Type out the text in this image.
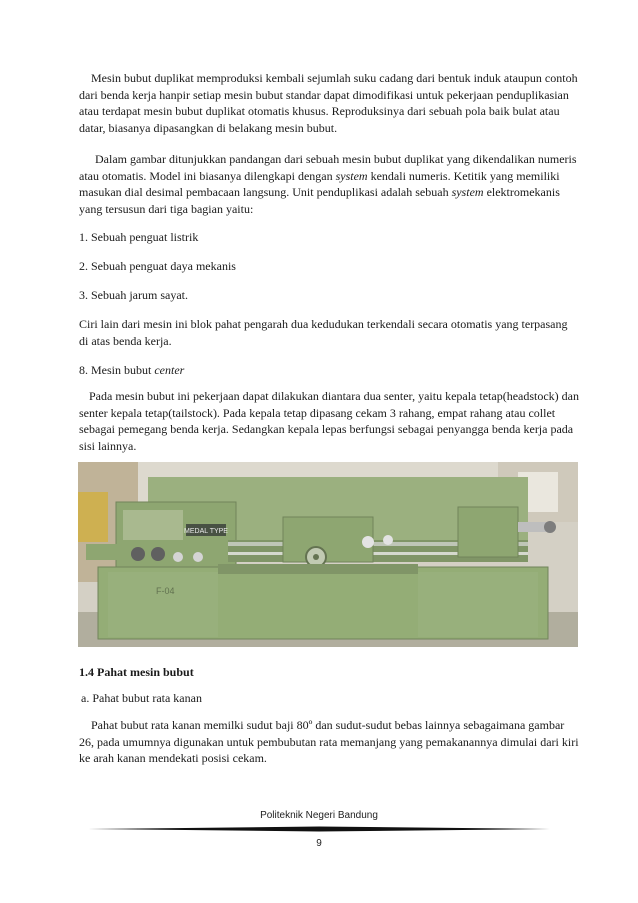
Mesin bubut duplikat memproduksi kembali sejumlah suku cadang dari bentuk induk ataupun contoh dari benda kerja hanpir setiap mesin bubut standar dapat dimodifikasi untuk pekerjaan penduplikasian atau terdapat mesin bubut duplikat otomatis khusus. Reproduksinya dari sebuah pola baik bulat atau datar, biasanya dipasangkan di belakang mesin bubut.

Dalam gambar ditunjukkan pandangan dari sebuah mesin bubut duplikat yang dikendalikan numeris atau otomatis. Model ini biasanya dilengkapi dengan system kendali numeris. Ketitik yang memiliki masukan dial desimal pembacaan langsung. Unit penduplikasi adalah sebuah system elektromekanis yang tersusun dari tiga bagian yaitu:

1. Sebuah penguat listrik

2. Sebuah penguat daya mekanis

3. Sebuah jarum sayat.

Ciri lain dari mesin ini blok pahat pengarah dua kedudukan terkendali secara otomatis yang terpasang di atas benda kerja.

8. Mesin bubut center

Pada mesin bubut ini pekerjaan dapat dilakukan diantara dua senter, yaitu kepala tetap(headstock) dan senter kepala tetap(tailstock). Pada kepala tetap dipasang cekam 3 rahang, empat rahang atau collet sebagai pemegang benda kerja. Sedangkan kepala lepas berfungsi sebagai penyangga benda kerja pada sisi lainnya.

MEDAL TYPE
F-04

1.4 Pahat mesin bubut

a. Pahat bubut rata kanan

Pahat bubut rata kanan memilki sudut baji 80º dan sudut-sudut bebas lainnya sebagaimana gambar 26, pada umumnya digunakan untuk pembubutan rata memanjang yang pemakanannya dimulai dari kiri ke arah kanan mendekati posisi cekam.

Politeknik Negeri Bandung
9
